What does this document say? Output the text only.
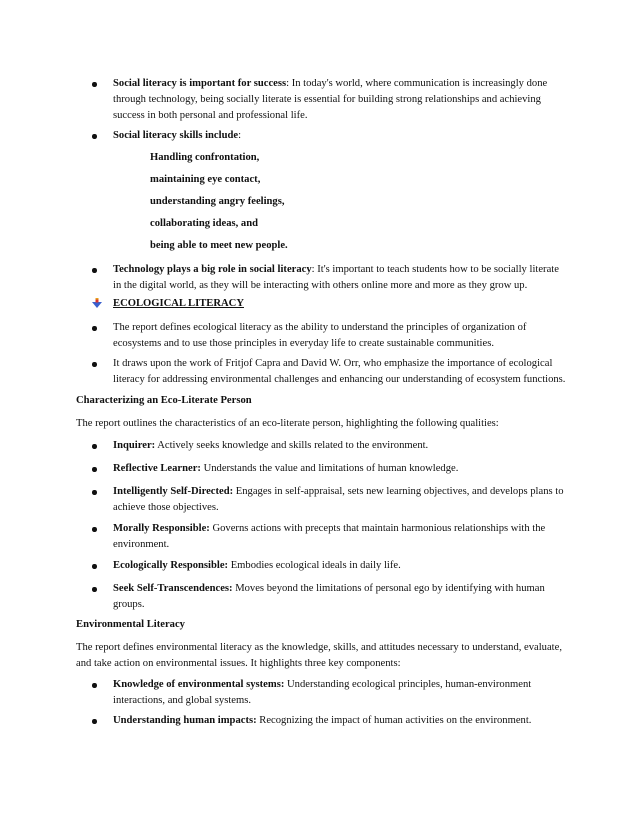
Social literacy is important for success: In today's world, where communication is increasingly done through technology, being socially literate is essential for building strong relationships and achieving success in both personal and professional life.
Social literacy skills include:
Handling confrontation,
maintaining eye contact,
understanding angry feelings,
collaborating ideas, and
being able to meet new people.
Technology plays a big role in social literacy: It's important to teach students how to be socially literate in the digital world, as they will be interacting with others online more and more as they grow up.
ECOLOGICAL LITERACY
The report defines ecological literacy as the ability to understand the principles of organization of ecosystems and to use those principles in everyday life to create sustainable communities.
It draws upon the work of Fritjof Capra and David W. Orr, who emphasize the importance of ecological literacy for addressing environmental challenges and enhancing our understanding of ecosystem functions.
Characterizing an Eco-Literate Person
The report outlines the characteristics of an eco-literate person, highlighting the following qualities:
Inquirer: Actively seeks knowledge and skills related to the environment.
Reflective Learner: Understands the value and limitations of human knowledge.
Intelligently Self-Directed: Engages in self-appraisal, sets new learning objectives, and develops plans to achieve those objectives.
Morally Responsible: Governs actions with precepts that maintain harmonious relationships with the environment.
Ecologically Responsible: Embodies ecological ideals in daily life.
Seek Self-Transcendences: Moves beyond the limitations of personal ego by identifying with human groups.
Environmental Literacy
The report defines environmental literacy as the knowledge, skills, and attitudes necessary to understand, evaluate, and take action on environmental issues. It highlights three key components:
Knowledge of environmental systems: Understanding ecological principles, human-environment interactions, and global systems.
Understanding human impacts: Recognizing the impact of human activities on the environment.
